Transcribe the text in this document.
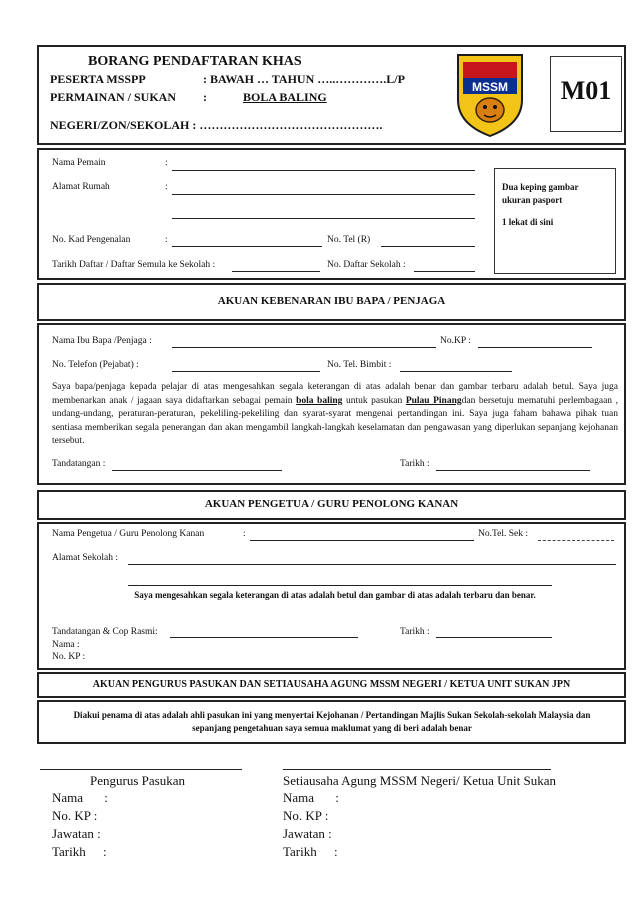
BORANG PENDAFTARAN KHAS
PESERTA MSSPP	: BAWAH … TAHUN …..………….L/P
PERMAINAN / SUKAN :	BOLA BALING
NEGERI/ZON/SEKOLAH : ……………………………………….
MSSM	M01
Nama Pemain	:
Alamat Rumah	:
No. Kad Pengenalan	:	No. Tel (R)
Tarikh Daftar / Daftar Semula ke Sekolah :	No. Daftar Sekolah :
Dua keping gambar
ukuran pasport
1 lekat di sini
AKUAN KEBENARAN IBU BAPA / PENJAGA
Nama Ibu Bapa /Penjaga :	No.KP :
No. Telefon (Pejabat) :	No. Tel. Bimbit :
Saya bapa/penjaga kepada pelajar di atas mengesahkan segala keterangan di atas adalah benar dan gambar terbaru adalah betul. Saya juga membenarkan anak / jagaan saya didaftarkan sebagai pemain bola baling untuk pasukan Pulau Pinangdan bersetuju mematuhi perlembagaan , undang-undang, peraturan-peraturan, pekeliling-pekeliling dan syarat-syarat mengenai pertandingan ini. Saya juga faham bahawa pihak tuan sentiasa memberikan segala penerangan dan akan mengambil langkah-langkah keselamatan dan pengawasan yang diperlukan sepanjang kejohanan tersebut.
Tandatangan :	Tarikh :
AKUAN PENGETUA / GURU PENOLONG KANAN
Nama Pengetua / Guru Penolong Kanan	:	No.Tel. Sek :
Alamat Sekolah :
Saya mengesahkan segala keterangan di atas adalah betul dan gambar di atas adalah terbaru dan benar.
Tandatangan & Cop Rasmi:	Tarikh :
Nama :
No. KP :
AKUAN PENGURUS PASUKAN DAN SETIAUSAHA AGUNG MSSM NEGERI / KETUA UNIT SUKAN JPN
Diakui penama di atas adalah ahli pasukan ini yang menyertai Kejohanan / Pertandingan Majlis Sukan Sekolah-sekolah Malaysia dan sepanjang pengetahuan saya semua maklumat yang di beri adalah benar
Pengurus Pasukan
Nama :
No. KP :
Jawatan :
Tarikh :
Setiausaha Agung MSSM Negeri/ Ketua Unit Sukan
Nama :
No. KP :
Jawatan :
Tarikh :
